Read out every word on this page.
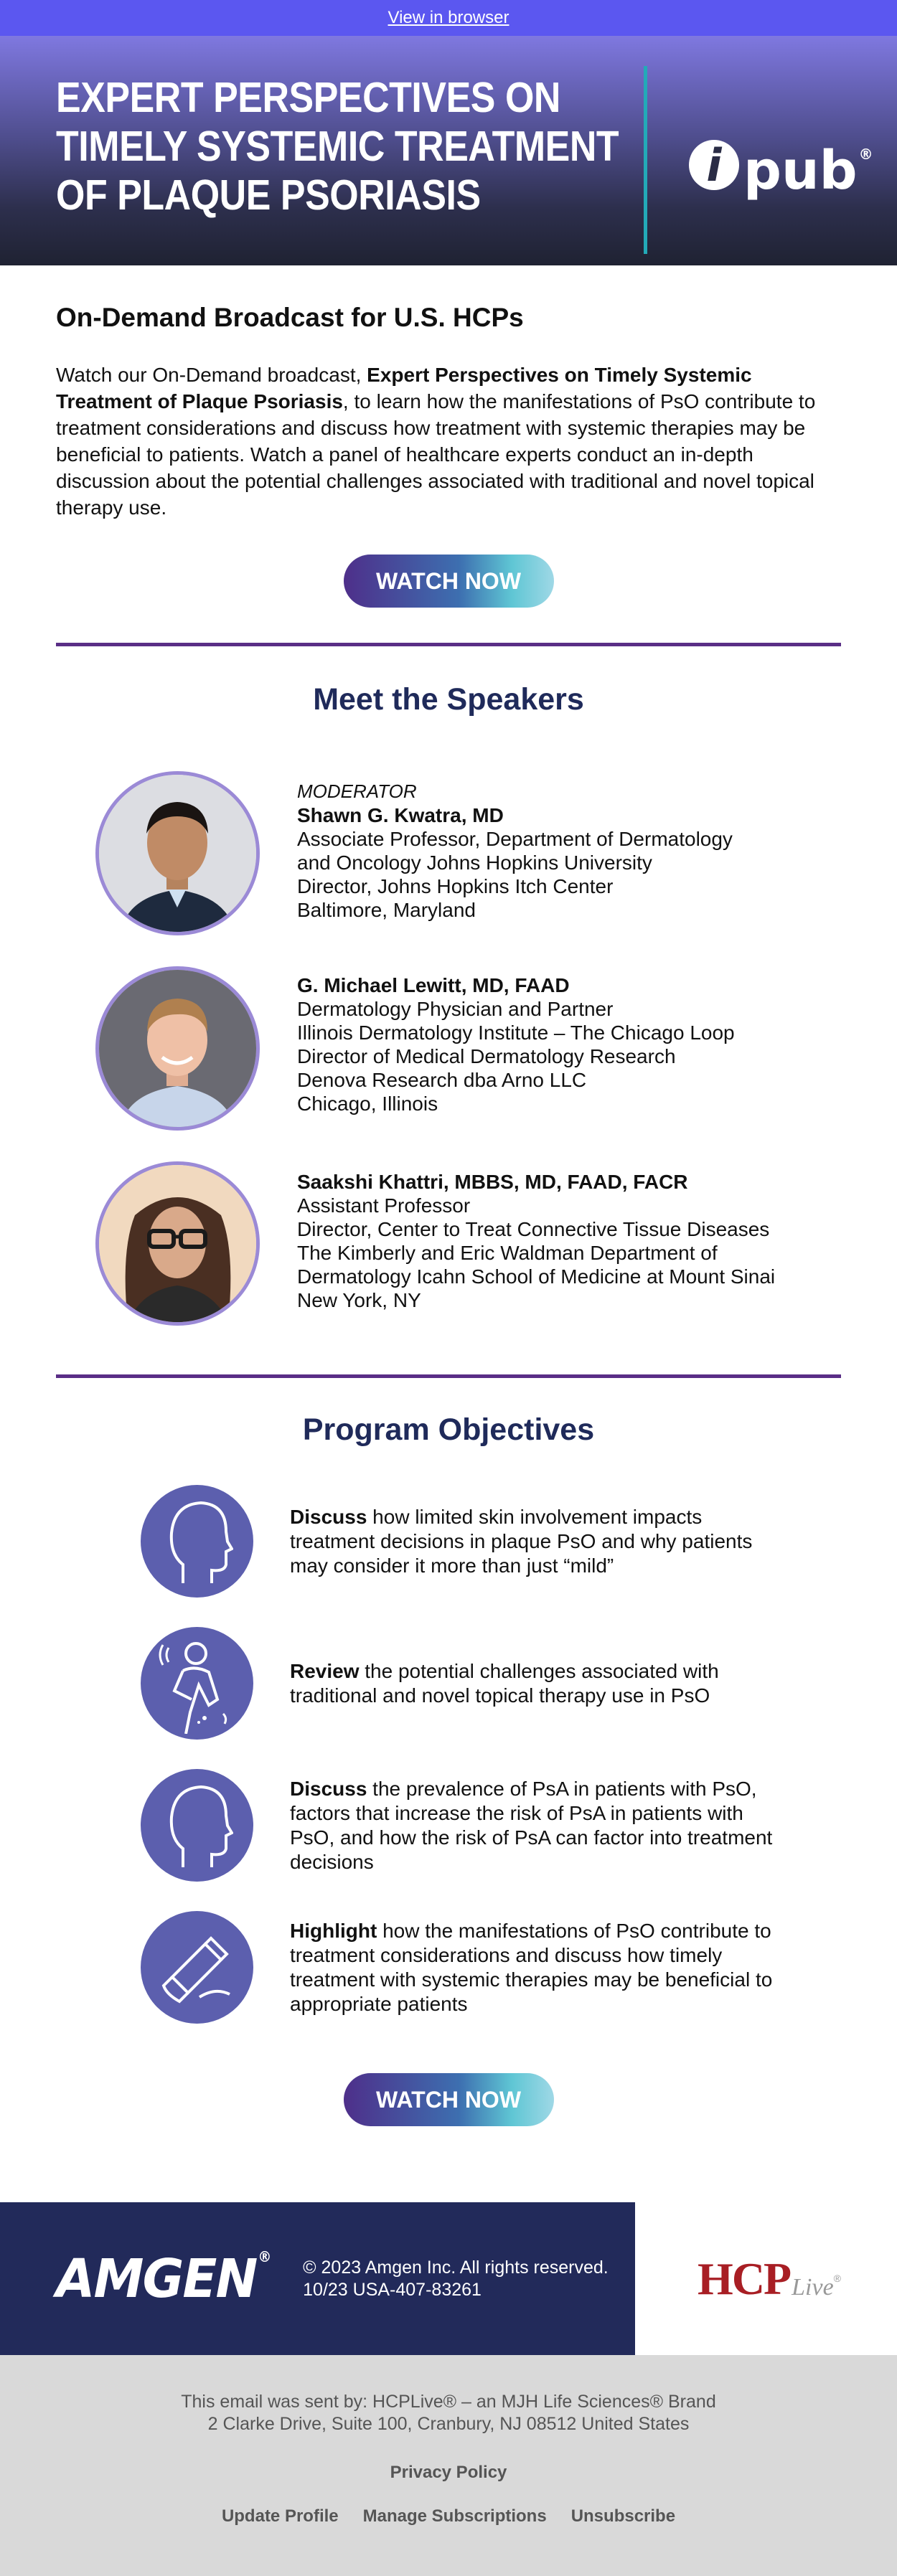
View in browser
EXPERT PERSPECTIVES ON
TIMELY SYSTEMIC TREATMENT
OF PLAQUE PSORIASIS
i pub ®
On-Demand Broadcast for U.S. HCPs

Watch our On-Demand broadcast, Expert Perspectives on Timely Systemic Treatment of Plaque Psoriasis, to learn how the manifestations of PsO contribute to treatment considerations and discuss how treatment with systemic therapies may be beneficial to patients. Watch a panel of healthcare experts conduct an in-depth discussion about the potential challenges associated with traditional and novel topical therapy use.

WATCH NOW
Meet the Speakers
MODERATOR
Shawn G. Kwatra, MD
Associate Professor, Department of Dermatology
and Oncology Johns Hopkins University
Director, Johns Hopkins Itch Center
Baltimore, Maryland
G. Michael Lewitt, MD, FAAD
Dermatology Physician and Partner
Illinois Dermatology Institute – The Chicago Loop
Director of Medical Dermatology Research
Denova Research dba Arno LLC
Chicago, Illinois
Saakshi Khattri, MBBS, MD, FAAD, FACR
Assistant Professor
Director, Center to Treat Connective Tissue Diseases
The Kimberly and Eric Waldman Department of
Dermatology Icahn School of Medicine at Mount Sinai
New York, NY
Program Objectives

Discuss how limited skin involvement impacts treatment decisions in plaque PsO and why patients may consider it more than just “mild”

Review the potential challenges associated with traditional and novel topical therapy use in PsO

Discuss the prevalence of PsA in patients with PsO, factors that increase the risk of PsA in patients with PsO, and how the risk of PsA can factor into treatment decisions

Highlight how the manifestations of PsO contribute to treatment considerations and discuss how timely treatment with systemic therapies may be beneficial to appropriate patients

WATCH NOW
AMGEN®
© 2023 Amgen Inc. All rights reserved.
10/23 USA-407-83261	HCP Live ®
This email was sent by: HCPLive® – an MJH Life Sciences® Brand
2 Clarke Drive, Suite 100, Cranbury, NJ 08512 United States
Privacy Policy
Update Profile Manage Subscriptions Unsubscribe
